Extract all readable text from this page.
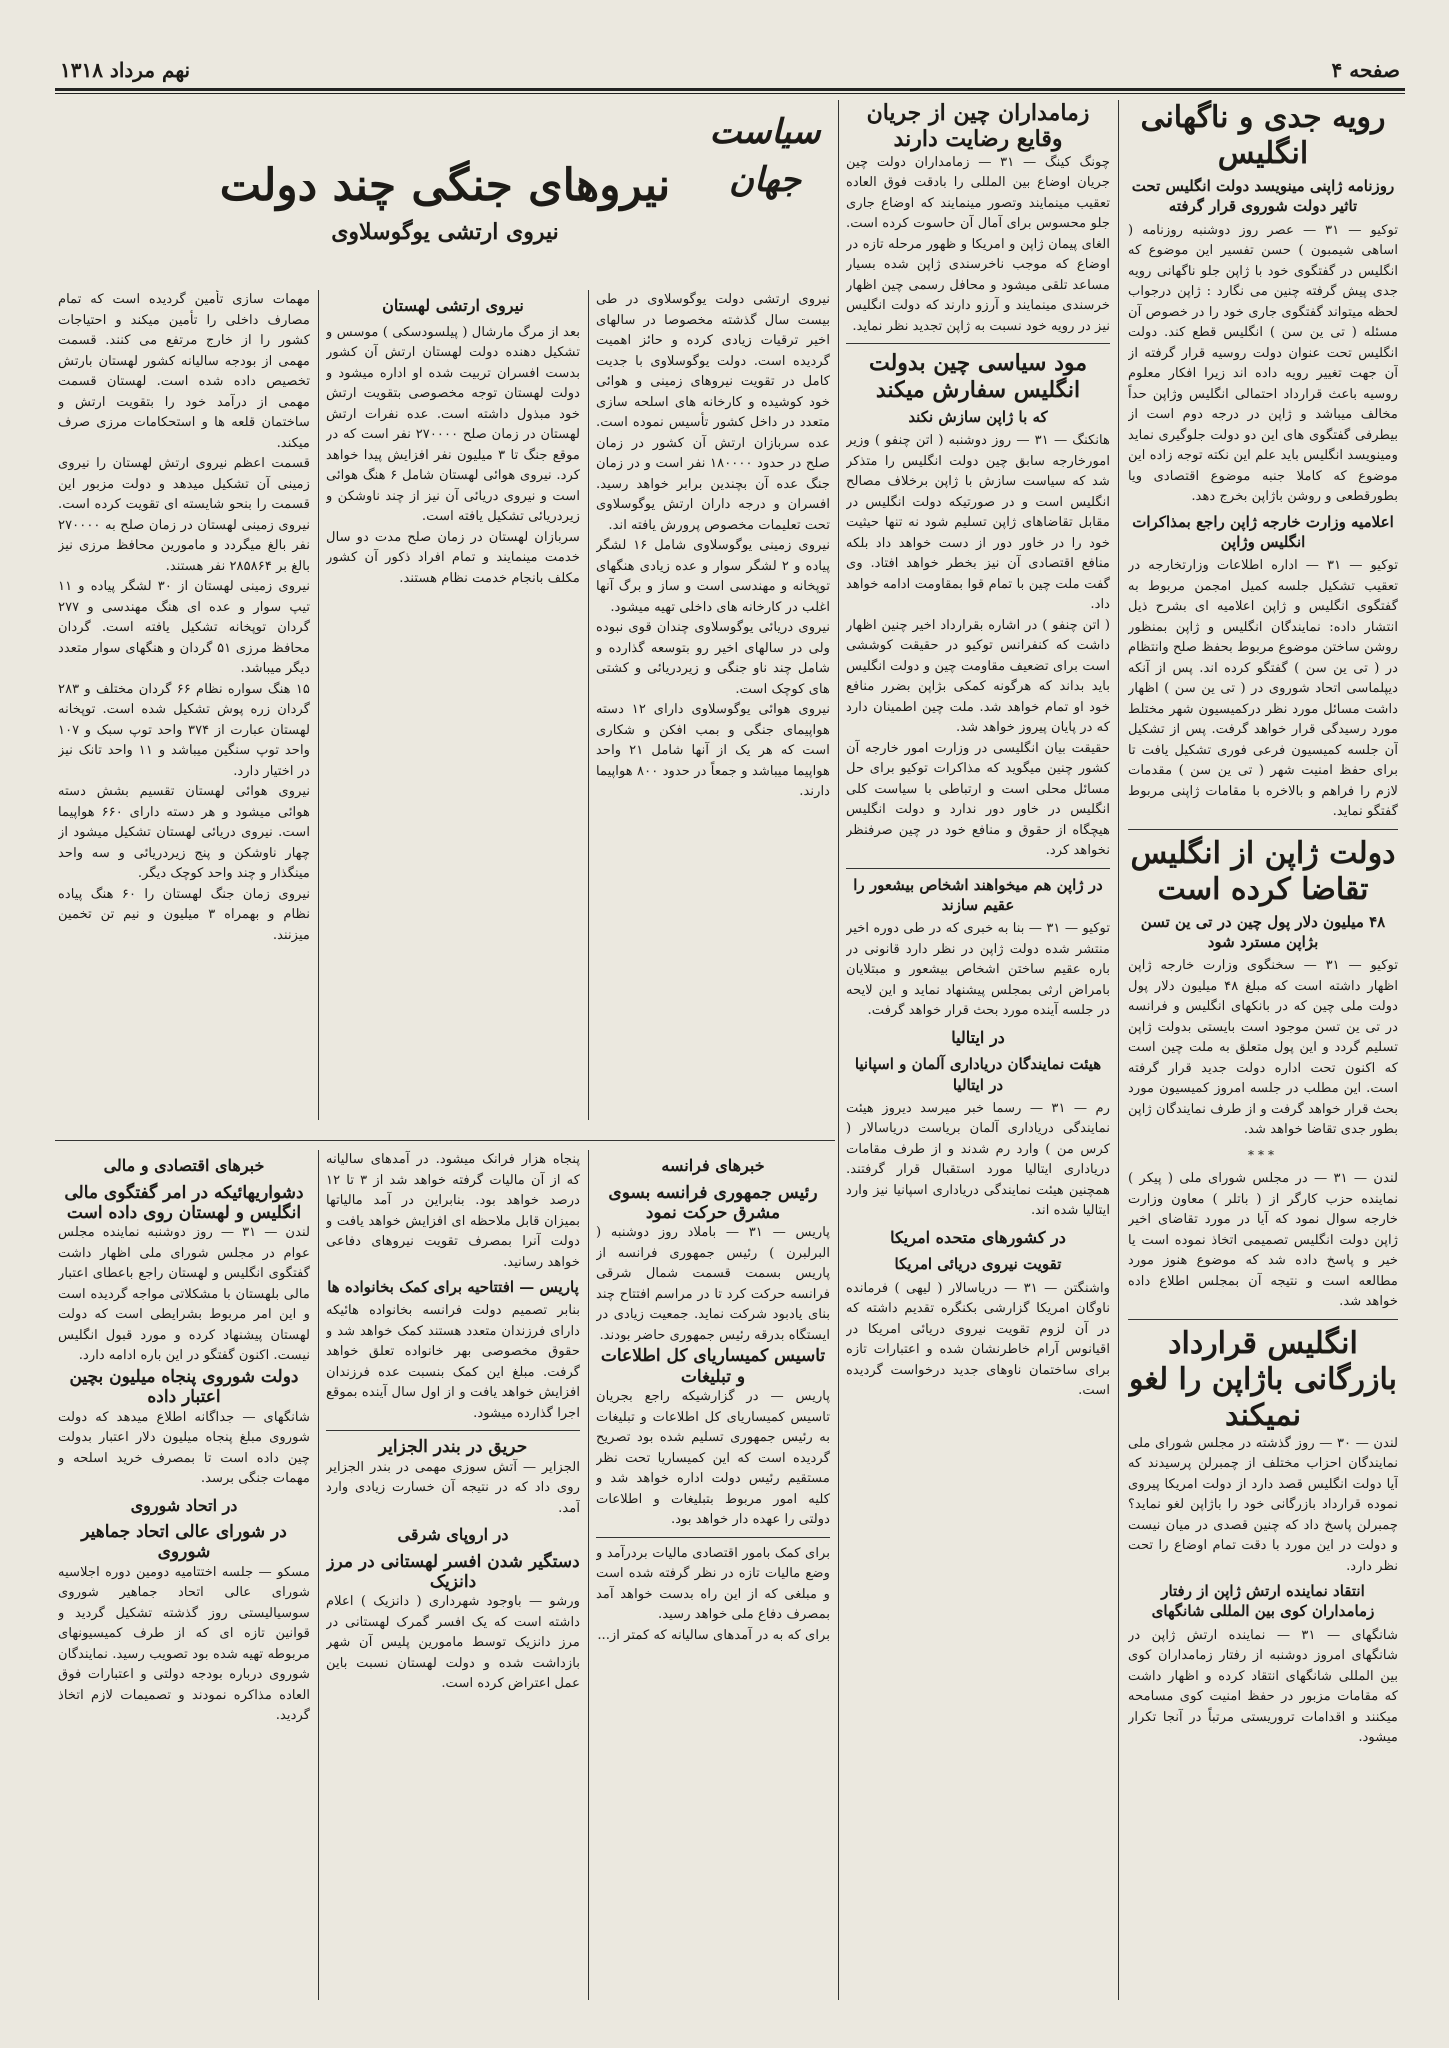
صفحه ۴
نهم مرداد ۱۳۱۸
رویه جدی و ناگهانی انگلیس
روزنامه ژاپنی مینویسد دولت انگلیس تحت تاثیر دولت شوروی قرار گرفته

توکیو — ۳۱ — عصر روز دوشنبه روزنامه ( اساهی شیمبون ) حسن تفسیر این موضوع که انگلیس در گفتگوی خود با ژاپن جلو ناگهانی رویه جدی پیش گرفته چنین می نگارد : ژاپن درجواب لحظه میتواند گفتگوی جاری خود را در خصوص آن مسئله ( تی ین سن ) انگلیس قطع کند. دولت انگلیس تحت عنوان دولت روسیه قرار گرفته از آن جهت تغییر رویه داده اند زیرا افکار معلوم روسیه باعث قرارداد احتمالی انگلیس وژاپن حداً مخالف میباشد و ژاپن در درجه دوم است از بیطرفی گفتگوی های این دو دولت جلوگیری نماید ومینویسد انگلیس باید علم این نکته توجه زاده این موضوع که کاملا جنبه موضوع اقتصادی ویا بطورقطعی و روشن باژاپن بخرج دهد.

اعلامیه وزارت خارجه ژاپن راجع بمذاکرات انگلیس وژاپن

توکیو — ۳۱ — اداره اطلاعات وزارتخارجه در تعقیب تشکیل جلسه کمیل امجمن مربوط به گفتگوی انگلیس و ژاپن اعلامیه ای بشرح ذیل انتشار داده: نمایندگان انگلیس و ژاپن بمنظور روشن ساختن موضوع مربوط بحفظ صلح وانتظام در ( تی ین سن ) گفتگو کرده اند. پس از آنکه دیپلماسی اتحاد شوروی در ( تی ین سن ) اظهار داشت مسائل مورد نظر درکمیسیون شهر مختلط مورد رسیدگی قرار خواهد گرفت. پس از تشکیل آن جلسه کمیسیون فرعی فوری تشکیل یافت تا برای حفظ امنیت شهر ( تی ین سن ) مقدمات لازم را فراهم و بالاخره با مقامات ژاپنی مربوط گفتگو نماید.

دولت ژاپن از انگلیس تقاضا کرده است
۴۸ میلیون دلار پول چین در تی ین تسن بژاپن مسترد شود

توکیو — ۳۱ — سخنگوی وزارت خارجه ژاپن اظهار داشته است که مبلغ ۴۸ میلیون دلار پول دولت ملی چین که در بانکهای انگلیس و فرانسه در تی ین تسن موجود است بایستی بدولت ژاپن تسلیم گردد و این پول متعلق به ملت چین است که اکنون تحت اداره دولت جدید قرار گرفته است. این مطلب در جلسه امروز کمیسیون مورد بحث قرار خواهد گرفت و از طرف نمایندگان ژاپن بطور جدی تقاضا خواهد شد.

***

لندن — ۳۱ — در مجلس شورای ملی ( پیکر ) نماینده حزب کارگر از ( باتلر ) معاون وزارت خارجه سوال نمود که آیا در مورد تقاضای اخیر ژاپن دولت انگلیس تصمیمی اتخاذ نموده است یا خیر و پاسخ داده شد که موضوع هنوز مورد مطالعه است و نتیجه آن بمجلس اطلاع داده خواهد شد.

انگلیس قرارداد بازرگانی باژاپن را لغو نمیکند

لندن — ۳۰ — روز گذشته در مجلس شورای ملی نمایندگان احزاب مختلف از چمبرلن پرسیدند که آیا دولت انگلیس قصد دارد از دولت امریکا پیروی نموده قرارداد بازرگانی خود را باژاپن لغو نماید؟ چمبرلن پاسخ داد که چنین قصدی در میان نیست و دولت در این مورد با دقت تمام اوضاع را تحت نظر دارد.

انتقاد نماینده ارتش ژاپن از رفتار زمامداران کوی بین المللی شانگهای

شانگهای — ۳۱ — نماینده ارتش ژاپن در شانگهای امروز دوشنبه از رفتار زمامداران کوی بین المللی شانگهای انتقاد کرده و اظهار داشت که مقامات مزبور در حفظ امنیت کوی مسامحه میکنند و اقدامات تروریستی مرتباً در آنجا تکرار میشود.

زمامداران چین از جریان وقایع رضایت دارند

چونگ کینگ — ۳۱ — زمامداران دولت چین جریان اوضاع بین المللی را بادقت فوق العاده تعقیب مینمایند وتصور مینمایند که اوضاع جاری جلو محسوس برای آمال آن حاسوت کرده است. الغای پیمان ژاپن و امریکا و ظهور مرحله تازه در اوضاع که موجب ناخرسندی ژاپن شده بسیار مساعد تلقی میشود و محافل رسمی چین اظهار خرسندی مینمایند و آرزو دارند که دولت انگلیس نیز در رویه خود نسبت به ژاپن تجدید نظر نماید.

مود سیاسی چین بدولت انگلیس سفارش میکند
که با ژاپن سازش نکند

هانکنگ — ۳۱ — روز دوشنبه ( اتن چنفو ) وزیر امورخارجه سابق چین دولت انگلیس را متذکر شد که سیاست سازش با ژاپن برخلاف مصالح انگلیس است و در صورتیکه دولت انگلیس در مقابل تقاضاهای ژاپن تسلیم شود نه تنها حیثیت خود را در خاور دور از دست خواهد داد بلکه منافع اقتصادی آن نیز بخطر خواهد افتاد. وی گفت ملت چین با تمام قوا بمقاومت ادامه خواهد داد.

( اتن چنفو ) در اشاره بقرارداد اخیر چنین اظهار داشت که کنفرانس توکیو در حقیقت کوششی است برای تضعیف مقاومت چین و دولت انگلیس باید بداند که هرگونه کمکی بژاپن بضرر منافع خود او تمام خواهد شد. ملت چین اطمینان دارد که در پایان پیروز خواهد شد.

حقیقت بیان انگلیسی در وزارت امور خارجه آن کشور چنین میگوید که مذاکرات توکیو برای حل مسائل محلی است و ارتباطی با سیاست کلی انگلیس در خاور دور ندارد و دولت انگلیس هیچگاه از حقوق و منافع خود در چین صرفنظر نخواهد کرد.

در ژاپن هم میخواهند اشخاص بیشعور را عقیم سازند

توکیو — ۳۱ — بنا به خبری که در طی دوره اخیر منتشر شده دولت ژاپن در نظر دارد قانونی در باره عقیم ساختن اشخاص بیشعور و مبتلایان بامراض ارثی بمجلس پیشنهاد نماید و این لایحه در جلسه آینده مورد بحث قرار خواهد گرفت.

در ایتالیا
هیئت نمایندگان دریاداری آلمان و اسپانیا در ایتالیا

رم — ۳۱ — رسما خبر میرسد دیروز هیئت نمایندگی دریاداری آلمان بریاست دریاسالار ( کرس من ) وارد رم شدند و از طرف مقامات دریاداری ایتالیا مورد استقبال قرار گرفتند. همچنین هیئت نمایندگی دریاداری اسپانیا نیز وارد ایتالیا شده اند.

در کشورهای متحده امریکا
تقویت نیروی دریائی امریکا

واشنگتن — ۳۱ — دریاسالار ( لیهی ) فرمانده ناوگان امریکا گزارشی بکنگره تقدیم داشته که در آن لزوم تقویت نیروی دریائی امریکا در اقیانوس آرام خاطرنشان شده و اعتبارات تازه برای ساختمان ناوهای جدید درخواست گردیده است.

سیاست جهان
نیروهای جنگی چند دولت
نیروی ارتشی یوگوسلاوی

نیروی ارتشی دولت یوگوسلاوی در طی بیست سال گذشته مخصوصا در سالهای اخیر ترقیات زیادی کرده و حائز اهمیت گردیده است. دولت یوگوسلاوی با جدیت کامل در تقویت نیروهای زمینی و هوائی خود کوشیده و کارخانه های اسلحه سازی متعدد در داخل کشور تأسیس نموده است. عده سربازان ارتش آن کشور در زمان صلح در حدود ۱۸۰۰۰۰ نفر است و در زمان جنگ عده آن بچندین برابر خواهد رسید. افسران و درجه داران ارتش یوگوسلاوی تحت تعلیمات مخصوص پرورش یافته اند.

نیروی زمینی یوگوسلاوی شامل ۱۶ لشگر پیاده و ۲ لشگر سوار و عده زیادی هنگهای توپخانه و مهندسی است و ساز و برگ آنها اغلب در کارخانه های داخلی تهیه میشود.

نیروی دریائی یوگوسلاوی چندان قوی نبوده ولی در سالهای اخیر رو بتوسعه گذارده و شامل چند ناو جنگی و زیردریائی و کشتی های کوچک است.

نیروی هوائی یوگوسلاوی دارای ۱۲ دسته هواپیمای جنگی و بمب افکن و شکاری است که هر یک از آنها شامل ۲۱ واحد هواپیما میباشد و جمعاً در حدود ۸۰۰ هواپیما دارند.

نیروی ارتشی لهستان

بعد از مرگ مارشال ( پیلسودسکی ) موسس و تشکیل دهنده دولت لهستان ارتش آن کشور بدست افسران تربیت شده او اداره میشود و دولت لهستان توجه مخصوصی بتقویت ارتش خود مبذول داشته است. عده نفرات ارتش لهستان در زمان صلح ۲۷۰۰۰۰ نفر است که در موقع جنگ تا ۳ میلیون نفر افزایش پیدا خواهد کرد. نیروی هوائی لهستان شامل ۶ هنگ هوائی است و نیروی دریائی آن نیز از چند ناوشکن و زیردریائی تشکیل یافته است.

سربازان لهستان در زمان صلح مدت دو سال خدمت مینمایند و تمام افراد ذکور آن کشور مکلف بانجام خدمت نظام هستند.

مهمات سازی تأمین گردیده است که تمام مصارف داخلی را تأمین میکند و احتیاجات کشور را از خارج مرتفع می کنند. قسمت مهمی از بودجه سالیانه کشور لهستان بارتش تخصیص داده شده است. لهستان قسمت مهمی از درآمد خود را بتقویت ارتش و ساختمان قلعه ها و استحکامات مرزی صرف میکند.

قسمت اعظم نیروی ارتش لهستان را نیروی زمینی آن تشکیل میدهد و دولت مزبور این قسمت را بنحو شایسته ای تقویت کرده است. نیروی زمینی لهستان در زمان صلح به ۲۷۰۰۰۰ نفر بالغ میگردد و مامورین محافظ مرزی نیز بالغ بر ۲۸۵۸۶۴ نفر هستند.

نیروی زمینی لهستان از ۳۰ لشگر پیاده و ۱۱ تیپ سوار و عده ای هنگ مهندسی و ۲۷۷ گردان توپخانه تشکیل یافته است. گردان محافظ مرزی ۵۱ گردان و هنگهای سوار متعدد دیگر میباشد.

۱۵ هنگ سواره نظام ۶۶ گردان مختلف و ۲۸۳ گردان زره پوش تشکیل شده است. توپخانه لهستان عبارت از ۳۷۴ واحد توپ سبک و ۱۰۷ واحد توپ سنگین میباشد و ۱۱ واحد تانک نیز در اختیار دارد.

نیروی هوائی لهستان تقسیم بشش دسته هوائی میشود و هر دسته دارای ۶۶۰ هواپیما است. نیروی دریائی لهستان تشکیل میشود از چهار ناوشکن و پنج زیردریائی و سه واحد مینگذار و چند واحد کوچک دیگر.

نیروی زمان جنگ لهستان را ۶۰ هنگ پیاده نظام و بهمراه ۳ میلیون و نیم تن تخمین میزنند.

خبرهای فرانسه
رئیس جمهوری فرانسه بسوی مشرق حرکت نمود

پاریس — ۳۱ — باملاد روز دوشنبه ( البرلبرن ) رئیس جمهوری فرانسه از پاریس بسمت قسمت شمال شرقی فرانسه حرکت کرد تا در مراسم افتتاح چند بنای یادبود شرکت نماید. جمعیت زیادی در ایستگاه بدرقه رئیس جمهوری حاضر بودند.

تاسیس کمیساریای کل اطلاعات و تبلیغات

پاریس — در گزارشیکه راجع بجریان تاسیس کمیساریای کل اطلاعات و تبلیغات به رئیس جمهوری تسلیم شده بود تصریح گردیده است که این کمیساریا تحت نظر مستقیم رئیس دولت اداره خواهد شد و کلیه امور مربوط بتبلیغات و اطلاعات دولتی را عهده دار خواهد بود.

برای کمک بامور اقتصادی مالیات بردرآمد و وضع مالیات تازه در نظر گرفته شده است و مبلغی که از این راه بدست خواهد آمد بمصرف دفاع ملی خواهد رسید.

برای که به در آمدهای سالیانه که کمتر از...

پنجاه هزار فرانک میشود. در آمدهای سالیانه که از آن مالیات گرفته خواهد شد از ۳ تا ۱۲ درصد خواهد بود. بنابراین در آمد مالیاتها بمیزان قابل ملاحظه ای افزایش خواهد یافت و دولت آنرا بمصرف تقویت نیروهای دفاعی خواهد رسانید.

پاریس — افتتاحیه برای کمک بخانواده ها

بنابر تصمیم دولت فرانسه بخانواده هائیکه دارای فرزندان متعدد هستند کمک خواهد شد و حقوق مخصوصی بهر خانواده تعلق خواهد گرفت. مبلغ این کمک بنسبت عده فرزندان افزایش خواهد یافت و از اول سال آینده بموقع اجرا گذارده میشود.

حریق در بندر الجزایر

الجزایر — آتش سوزی مهمی در بندر الجزایر روی داد که در نتیجه آن خسارت زیادی وارد آمد.

در اروپای شرقی
دستگیر شدن افسر لهستانی در مرز دانزیک

ورشو — باوجود شهرداری ( دانزیک ) اعلام داشته است که یک افسر گمرک لهستانی در مرز دانزیک توسط مامورین پلیس آن شهر بازداشت شده و دولت لهستان نسبت باین عمل اعتراض کرده است.

خبرهای اقتصادی و مالی
دشواریهائیکه در امر گفتگوی مالی انگلیس و لهستان روی داده است

لندن — ۳۱ — روز دوشنبه نماینده مجلس عوام در مجلس شورای ملی اظهار داشت گفتگوی انگلیس و لهستان راجع باعطای اعتبار مالی بلهستان با مشکلاتی مواجه گردیده است و این امر مربوط بشرایطی است که دولت لهستان پیشنهاد کرده و مورد قبول انگلیس نیست. اکنون گفتگو در این باره ادامه دارد.

دولت شوروی پنجاه میلیون بچین اعتبار داده

شانگهای — جداگانه اطلاع میدهد که دولت شوروی مبلغ پنجاه میلیون دلار اعتبار بدولت چین داده است تا بمصرف خرید اسلحه و مهمات جنگی برسد.

در اتحاد شوروی
در شورای عالی اتحاد جماهیر شوروی

مسکو — جلسه اختتامیه دومین دوره اجلاسیه شورای عالی اتحاد جماهیر شوروی سوسیالیستی روز گذشته تشکیل گردید و قوانین تازه ای که از طرف کمیسیونهای مربوطه تهیه شده بود تصویب رسید. نمایندگان شوروی درباره بودجه دولتی و اعتبارات فوق العاده مذاکره نمودند و تصمیمات لازم اتخاذ گردید.
